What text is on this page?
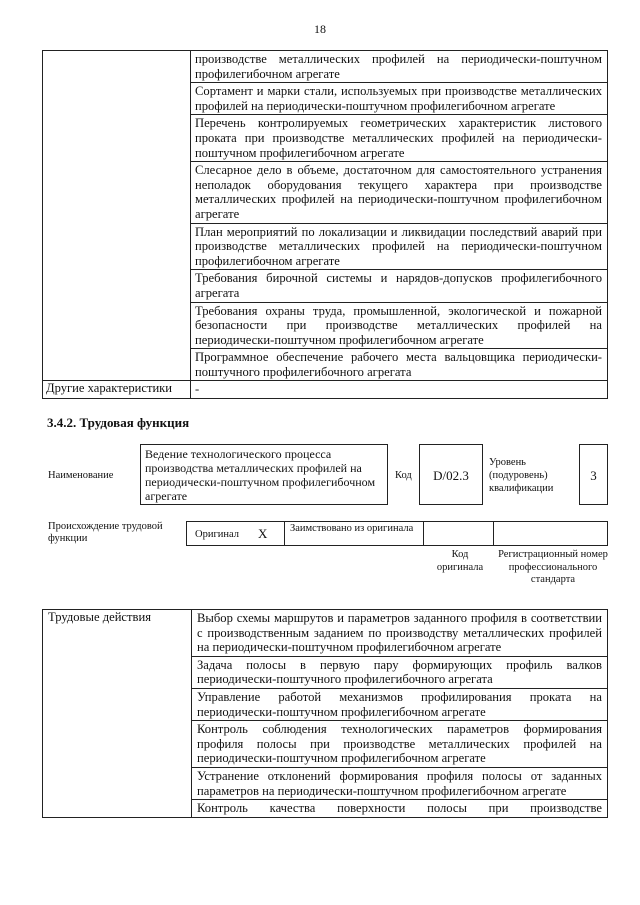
18
	производстве металлических профилей на периодически-поштучном профилегибочном агрегате
	Сортамент и марки стали, используемых при производстве металлических профилей на периодически-поштучном профилегибочном агрегате
	Перечень контролируемых геометрических характеристик листового проката при производстве металлических профилей на периодически-поштучном профилегибочном агрегате
	Слесарное дело в объеме, достаточном для самостоятельного устранения неполадок оборудования текущего характера при производстве металлических профилей на периодически-поштучном профилегибочном агрегате
	План мероприятий по локализации и ликвидации последствий аварий при производстве металлических профилей на периодически-поштучном профилегибочном агрегате
	Требования бирочной системы и нарядов-допусков профилегибочного агрегата
	Требования охраны труда, промышленной, экологической и пожарной безопасности при производстве металлических профилей на периодически-поштучном профилегибочном агрегате
	Программное обеспечение рабочего места вальцовщика периодически-поштучного профилегибочного агрегата
Другие характеристики	-
3.4.2. Трудовая функция
Наименование
Ведение технологического процесса производства металлических профилей на периодически-поштучном профилегибочном агрегате
Код	D/02.3
Уровень (подуровень) квалификации
3
Происхождение трудовой функции	Оригинал X Заимствовано из оригинала
Код оригинала
Регистрационный номер профессионального стандарта
Трудовые действия	Выбор схемы маршрутов и параметров заданного профиля в соответствии с производственным заданием по производству металлических профилей на периодически-поштучном профилегибочном агрегате
Задача полосы в первую пару формирующих профиль валков периодически-поштучного профилегибочного агрегата
Управление работой механизмов профилирования проката на периодически-поштучном профилегибочном агрегате
Контроль соблюдения технологических параметров формирования профиля полосы при производстве металлических профилей на периодически-поштучном профилегибочном агрегате
Устранение отклонений формирования профиля полосы от заданных параметров на периодически-поштучном профилегибочном агрегате
Контроль качества поверхности полосы при производстве
